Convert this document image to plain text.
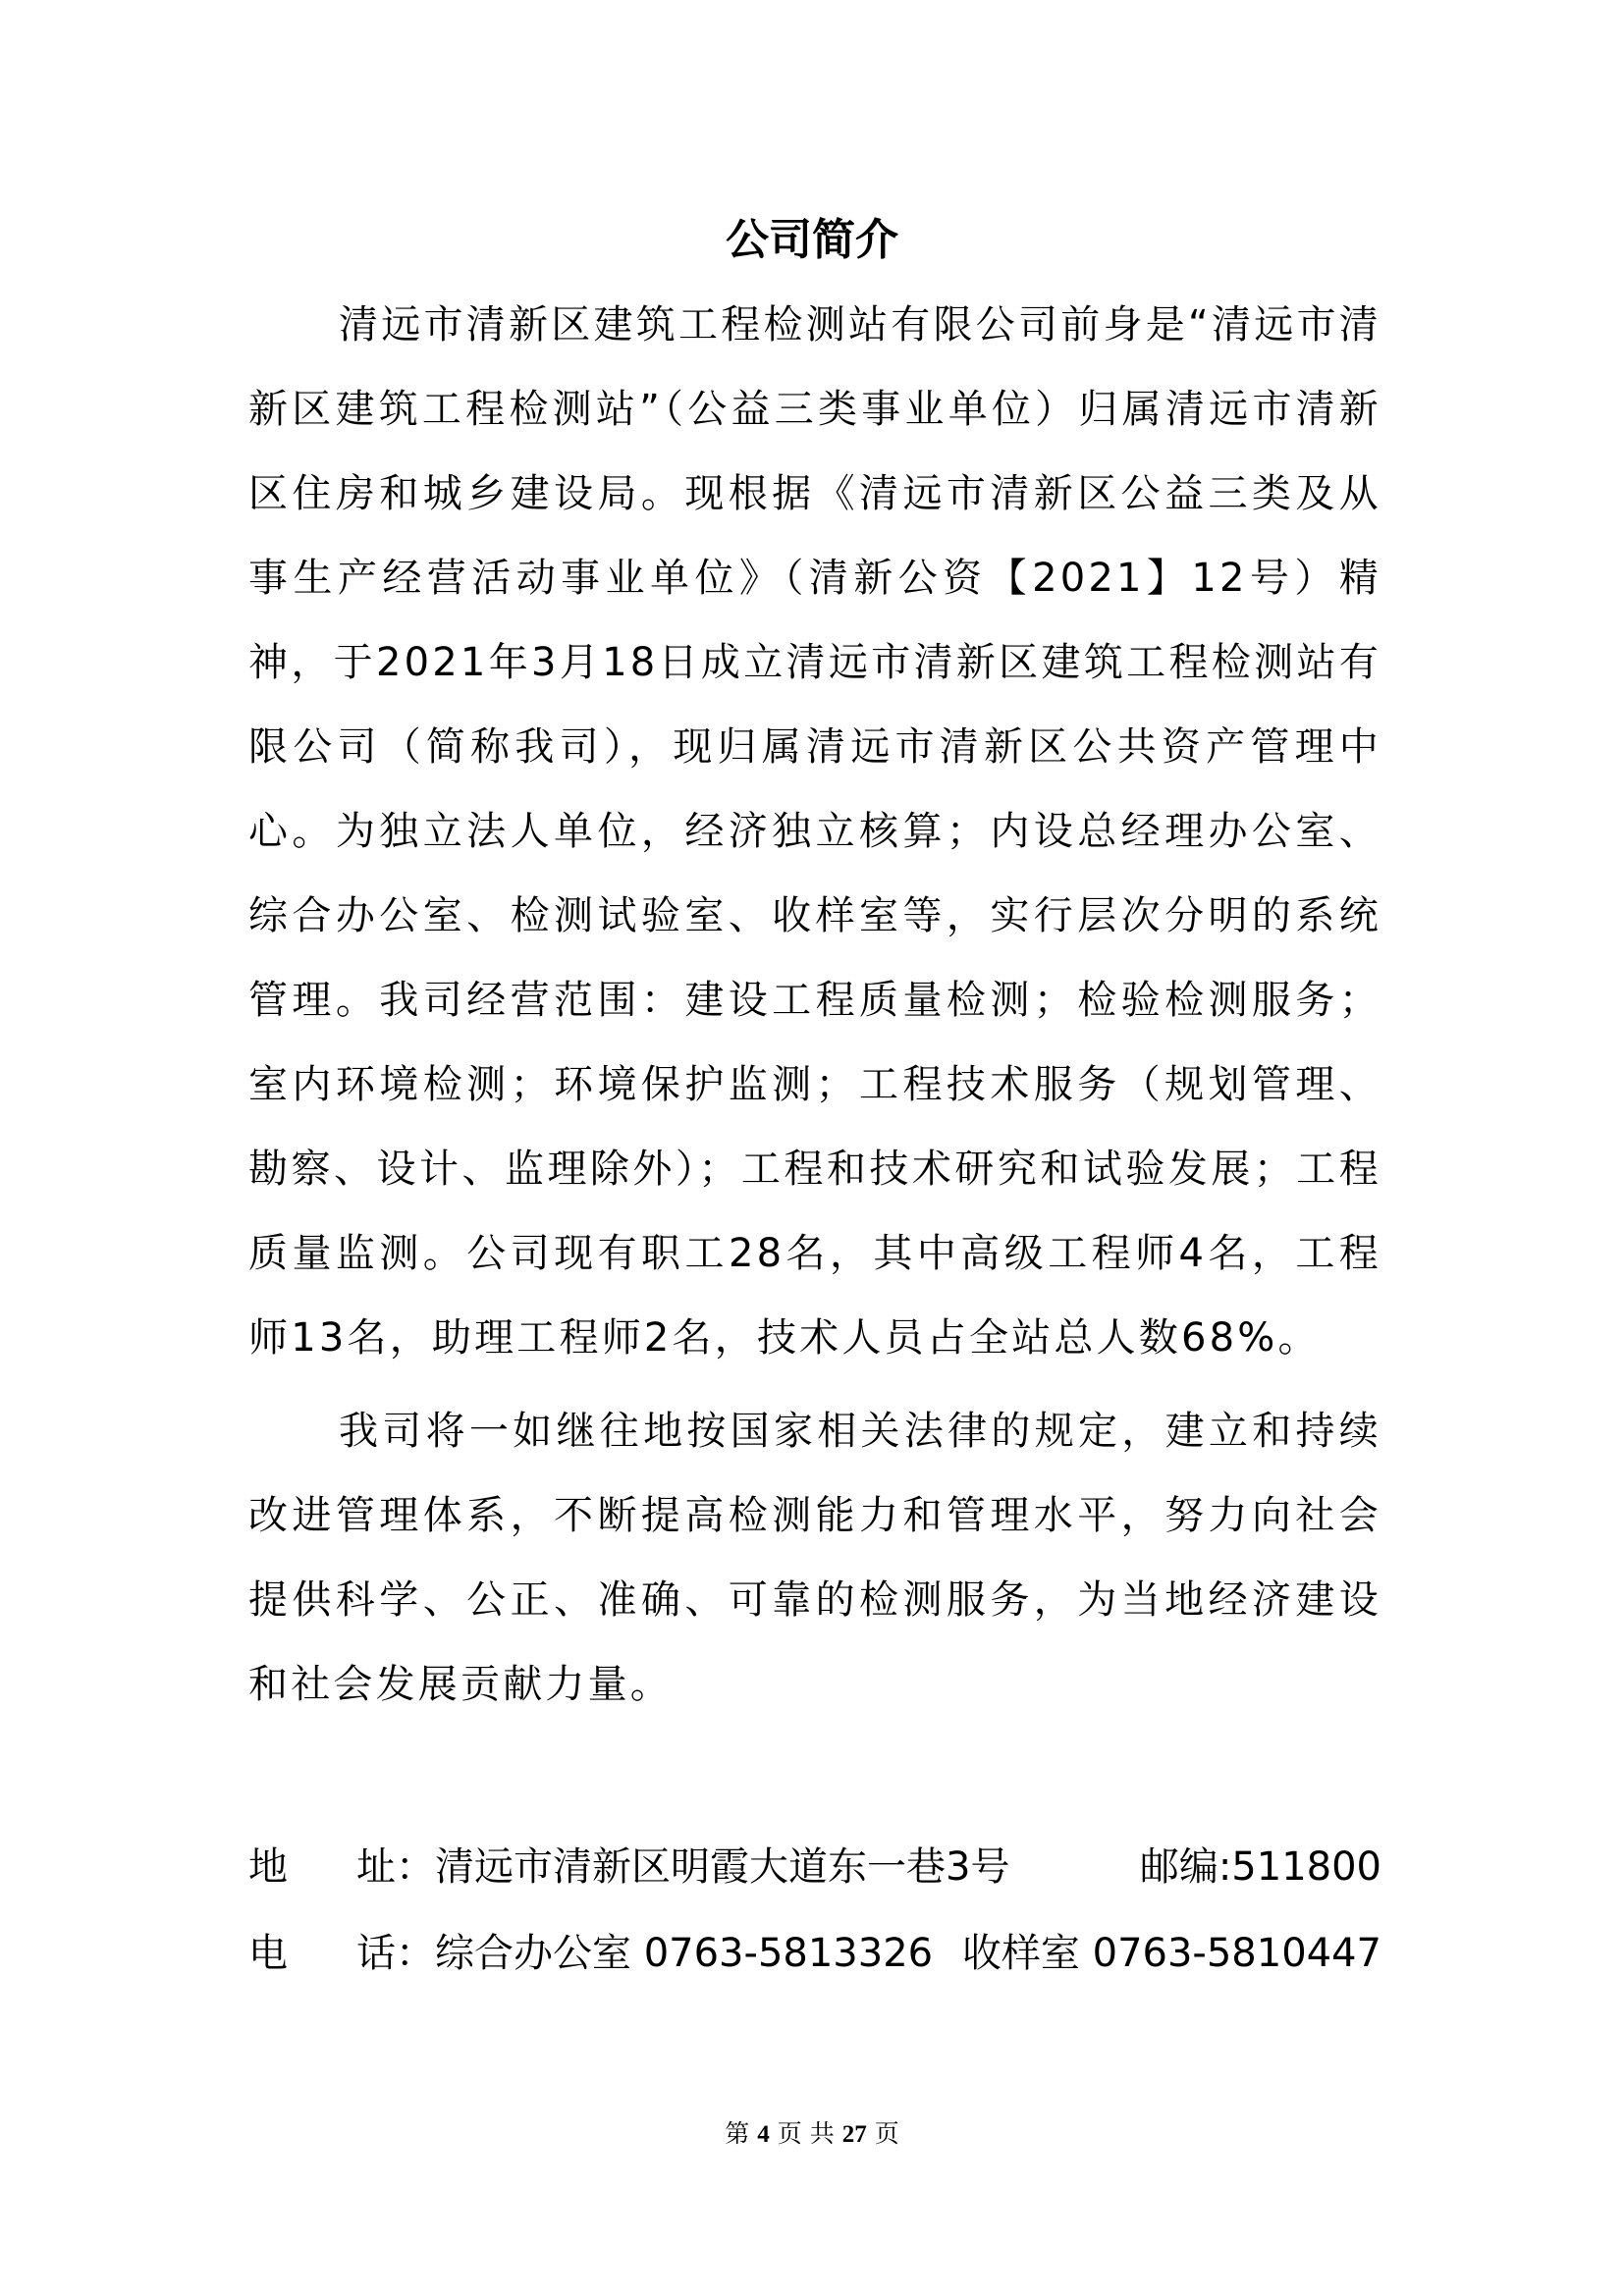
公司简介

清远市清新区建筑工程检测站有限公司前身是“清远市清新区建筑工程检测站”（公益三类事业单位）归属清远市清新区住房和城乡建设局。现根据《清远市清新区公益三类及从事生产经营活动事业单位》（清新公资【2021】12号）精神，于2021年3月18日成立清远市清新区建筑工程检测站有限公司（简称我司），现归属清远市清新区公共资产管理中心。为独立法人单位，经济独立核算；内设总经理办公室、综合办公室、检测试验室、收样室等，实行层次分明的系统管理。我司经营范围：建设工程质量检测；检验检测服务；室内环境检测；环境保护监测；工程技术服务（规划管理、勘察、设计、监理除外）；工程和技术研究和试验发展；工程质量监测。公司现有职工28名，其中高级工程师4名，工程师13名，助理工程师2名，技术人员占全站总人数68%。

我司将一如继往地按国家相关法律的规定，建立和持续改进管理体系，不断提高检测能力和管理水平，努力向社会提供科学、公正、准确、可靠的检测服务，为当地经济建设和社会发展贡献力量。

地 址：清远市清新区明霞大道东一巷3号	邮编:511800
电 话：综合办公室 0763-5813326 收样室 0763-5810447
第 4 页 共 27 页
